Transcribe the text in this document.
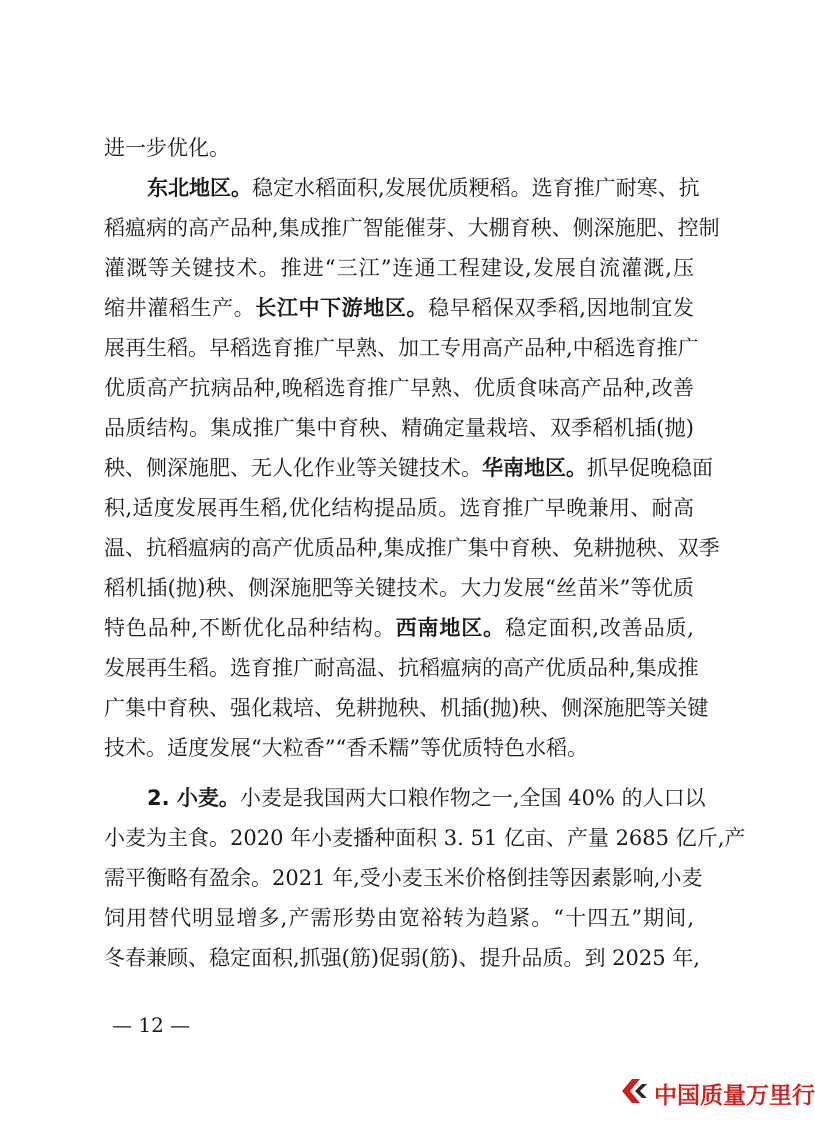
进一步优化。
东北地区。稳定水稻面积,发展优质粳稻。选育推广耐寒、抗
稻瘟病的高产品种,集成推广智能催芽、大棚育秧、侧深施肥、控制
灌溉等关键技术。推进“三江”连通工程建设,发展自流灌溉,压
缩井灌稻生产。长江中下游地区。稳早稻保双季稻,因地制宜发
展再生稻。早稻选育推广早熟、加工专用高产品种,中稻选育推广
优质高产抗病品种,晚稻选育推广早熟、优质食味高产品种,改善
品质结构。集成推广集中育秧、精确定量栽培、双季稻机插(抛)
秧、侧深施肥、无人化作业等关键技术。华南地区。抓早促晚稳面
积,适度发展再生稻,优化结构提品质。选育推广早晚兼用、耐高
温、抗稻瘟病的高产优质品种,集成推广集中育秧、免耕抛秧、双季
稻机插(抛)秧、侧深施肥等关键技术。大力发展“丝苗米”等优质
特色品种,不断优化品种结构。西南地区。稳定面积,改善品质,
发展再生稻。选育推广耐高温、抗稻瘟病的高产优质品种,集成推
广集中育秧、强化栽培、免耕抛秧、机插(抛)秧、侧深施肥等关键
技术。适度发展“大粒香”“香禾糯”等优质特色水稻。
2. 小麦。小麦是我国两大口粮作物之一,全国 40% 的人口以
小麦为主食。2020 年小麦播种面积 3. 51 亿亩、产量 2685 亿斤,产
需平衡略有盈余。2021 年,受小麦玉米价格倒挂等因素影响,小麦
饲用替代明显增多,产需形势由宽裕转为趋紧。“十四五”期间,
冬春兼顾、稳定面积,抓强(筋)促弱(筋)、提升品质。到 2025 年,
— 12 —
中国质量万里行
